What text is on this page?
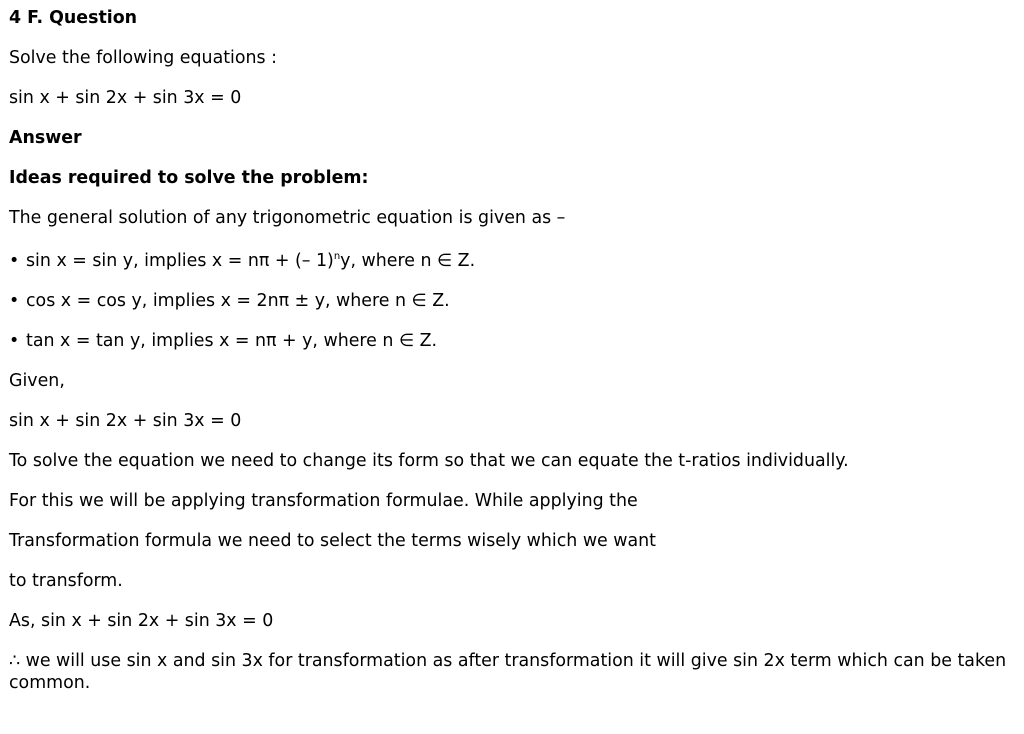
4 F. Question
Solve the following equations :
sin x + sin 2x + sin 3x = 0
Answer
Ideas required to solve the problem:
The general solution of any trigonometric equation is given as –
• sin x = sin y, implies x = nπ + (– 1)$^n$y, where n ∈ Z.
• cos x = cos y, implies x = 2nπ ± y, where n ∈ Z.
• tan x = tan y, implies x = nπ + y, where n ∈ Z.
Given,
sin x + sin 2x + sin 3x = 0
To solve the equation we need to change its form so that we can equate the t-ratios individually.
For this we will be applying transformation formulae. While applying the
Transformation formula we need to select the terms wisely which we want
to transform.
As, sin x + sin 2x + sin 3x = 0
∴ we will use sin x and sin 3x for transformation as after transformation it will give sin 2x term which can be taken common.
